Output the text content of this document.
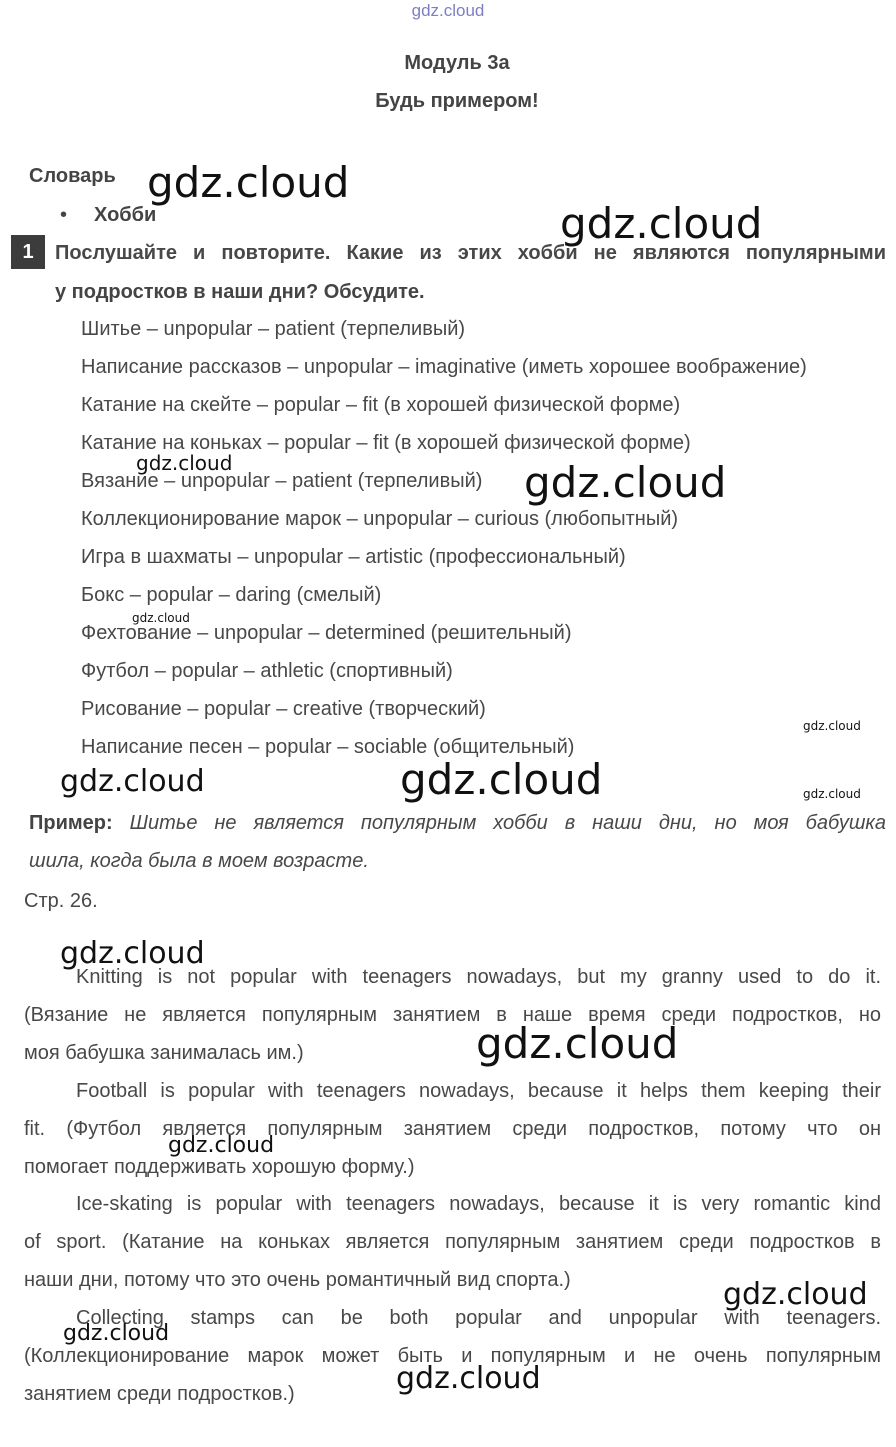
gdz.cloud
Модуль 3а
Будь примером!
Словарь
• Хобби
1	Послушайте и повторите. Какие из этих хобби не являются популярными
у подростков в наши дни? Обсудите.
Шитье – unpopular – patient (терпеливый)
Написание рассказов – unpopular – imaginative (иметь хорошее воображение)
Катание на скейте – popular – fit (в хорошей физической форме)
Катание на коньках – popular – fit (в хорошей физической форме)
Вязание – unpopular – patient (терпеливый)
Коллекционирование марок – unpopular – curious (любопытный)
Игра в шахматы – unpopular – artistic (профессиональный)
Бокс – popular – daring (смелый)
Фехтование – unpopular – determined (решительный)
Футбол – popular – athletic (спортивный)
Рисование – popular – creative (творческий)
Написание песен – popular – sociable (общительный)
Пример: Шитье не является популярным хобби в наши дни, но моя бабушка
шила, когда была в моем возрасте.
Стр. 26.
Knitting is not popular with teenagers nowadays, but my granny used to do it.
(Вязание не является популярным занятием в наше время среди подростков, но
моя бабушка занималась им.)
Football is popular with teenagers nowadays, because it helps them keeping their
fit. (Футбол является популярным занятием среди подростков, потому что он
помогает поддерживать хорошую форму.)
Ice-skating is popular with teenagers nowadays, because it is very romantic kind
of sport. (Катание на коньках является популярным занятием среди подростков в
наши дни, потому что это очень романтичный вид спорта.)
Collecting stamps can be both popular and unpopular with teenagers.
(Коллекционирование марок может быть и популярным и не очень популярным
занятием среди подростков.)
gdz.cloud
gdz.cloud
gdz.cloud	gdz.cloud
gdz.cloud
gdz.cloud
gdz.cloud	gdz.cloud	gdz.cloud
gdz.cloud
gdz.cloud
gdz.cloud
gdz.cloud
gdz.cloud
gdz.cloud
